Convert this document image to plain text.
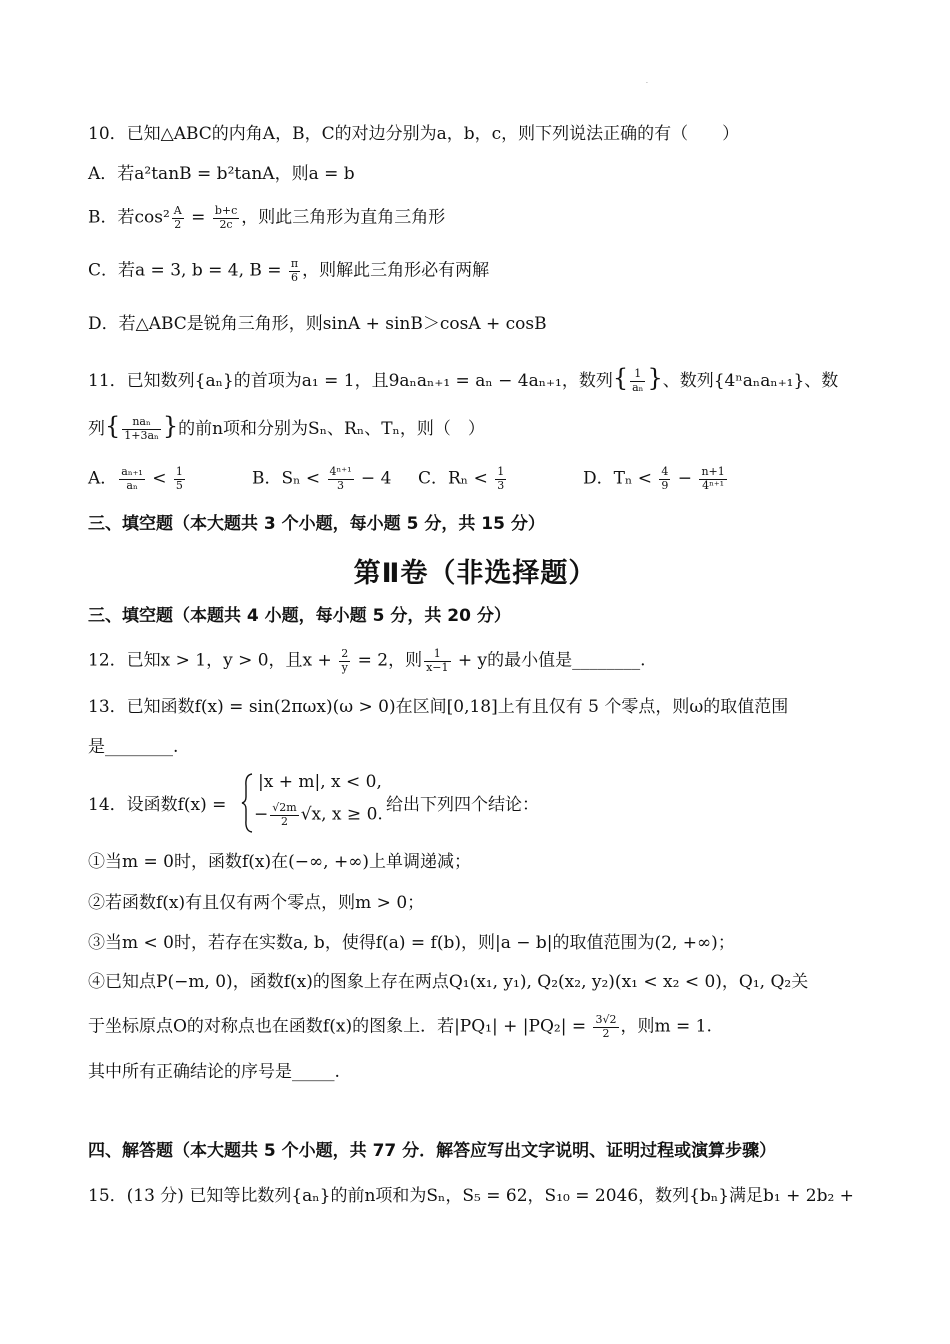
.
10．已知△ABC的内角A，B，C的对边分别为a，b，c，则下列说法正确的有（　　）
A．若a²tanB = b²tanA，则a = b
B．若$\cos^2 \frac{A}{2} = \frac{b+c}{2c}$ ，则此三角形为直角三角形
C．若a = 3, b = 4, $B = \frac{\pi}{6}$ ，则解此三角形必有两解
D．若△ABC是锐角三角形，则sinA + sinB＞cosA + cosB
11．已知数列{aₙ}的首项为a₁ = 1，且9aₙaₙ₊₁ = aₙ − 4aₙ₊₁，数列{ $\frac{1}{\text{aₙ}}$ }、数列{4ⁿaₙaₙ₊₁}、数
列{ $\frac{\text{naₙ}}{\text{1+3aₙ}}$ }的前n项和分别为Sₙ、Rₙ、Tₙ，则（　）
A． $\frac{\text{aₙ₊₁}}{\text{aₙ}} < \frac{1}{5}$	B．$S_n < \frac{\text{4ⁿ⁺¹}}{3} - 4$ C．$R_n < \frac{1}{3}$	D．$T_n < \frac{4}{9} - \frac{n+1}{\text{4ⁿ⁺¹}}$
三、填空题（本大题共 3 个小题，每小题 5 分，共 15 分）
第Ⅱ卷（非选择题）
三、填空题（本题共 4 小题，每小题 5 分，共 20 分）
12．已知x > 1，y > 0，且$x + \frac{2}{y} = 2$，则 $\frac{1}{x-1} + y$的最小值是________.
13．已知函数f(x) = sin(2πωx)(ω > 0)在区间[0,18]上有且仅有 5 个零点，则ω的取值范围
是________.
14．设函数f(x) =
|x + m|, x < 0,
− $\frac{√2m}{2} √x$, x ≥ 0. 给出下列四个结论：
①当m = 0时，函数f(x)在(−∞, +∞)上单调递减；
②若函数f(x)有且仅有两个零点，则m > 0；
③当m < 0时，若存在实数a, b，使得f(a) = f(b)，则|a − b|的取值范围为(2, +∞)；
④已知点P(−m, 0)，函数f(x)的图象上存在两点Q₁(x₁, y₁), Q₂(x₂, y₂)(x₁ < x₂ < 0)，Q₁, Q₂关
于坐标原点O的对称点也在函数f(x)的图象上．若$|PQ_1| + |PQ_2| = \frac{3√2}{2}$ ，则m = 1.
其中所有正确结论的序号是_____.
四、解答题（本大题共 5 个小题，共 77 分．解答应写出文字说明、证明过程或演算步骤）
15．(13 分) 已知等比数列{aₙ}的前n项和为Sₙ，S₅ = 62，S₁₀ = 2046，数列{bₙ}满足b₁ + 2b₂ +
